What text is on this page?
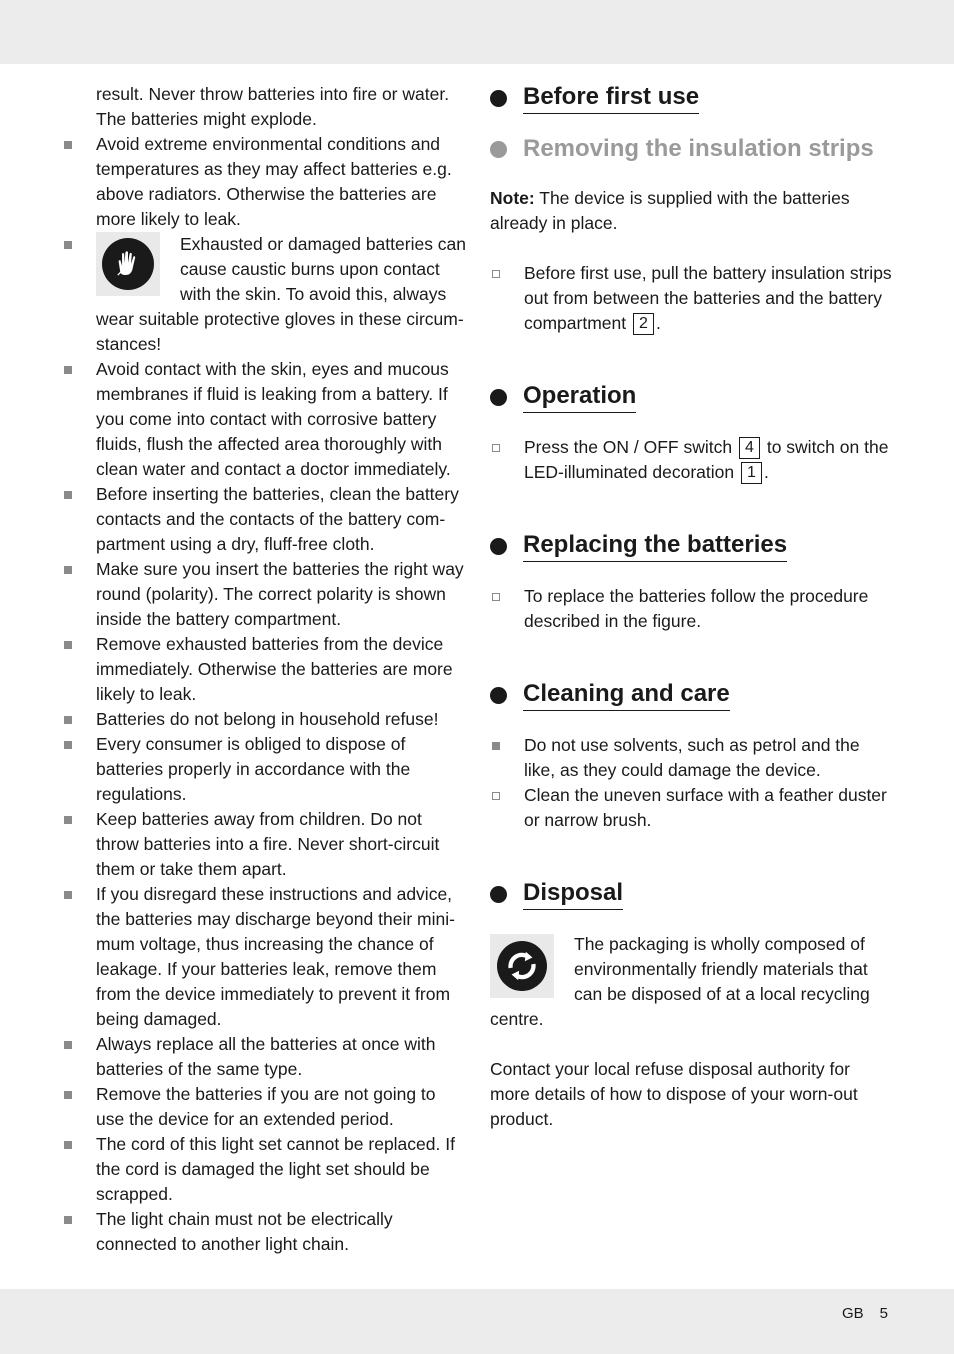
result. Never throw batteries into fire or water. The batteries might explode.

Avoid extreme environmental conditions and temperatures as they may affect batteries e.g. above radiators. Otherwise the batteries are more likely to leak.
Exhausted or damaged batteries can cause caustic burns upon contact with the skin. To avoid this, always wear suitable protective gloves in these circum-stances!
Avoid contact with the skin, eyes and mucous membranes if fluid is leaking from a battery. If you come into contact with corrosive battery fluids, flush the affected area thoroughly with clean water and contact a doctor immediately.
Before inserting the batteries, clean the battery contacts and the contacts of the battery com-partment using a dry, fluff-free cloth.
Make sure you insert the batteries the right way round (polarity). The correct polarity is shown inside the battery compartment.
Remove exhausted batteries from the device immediately. Otherwise the batteries are more likely to leak.
Batteries do not belong in household refuse!
Every consumer is obliged to dispose of batteries properly in accordance with the regulations.
Keep batteries away from children. Do not throw batteries into a fire. Never short-circuit them or take them apart.
If you disregard these instructions and advice, the batteries may discharge beyond their mini-mum voltage, thus increasing the chance of leakage. If your batteries leak, remove them from the device immediately to prevent it from being damaged.
Always replace all the batteries at once with batteries of the same type.
Remove the batteries if you are not going to use the device for an extended period.
The cord of this light set cannot be replaced. If the cord is damaged the light set should be scrapped.
The light chain must not be electrically connected to another light chain.
Before first use
Removing the insulation strips

Note: The device is supplied with the batteries already in place.

Before first use, pull the battery insulation strips out from between the batteries and the battery compartment 2 .
Operation
Press the ON / OFF switch 4 to switch on the LED-illuminated decoration 1 .
Replacing the batteries
To replace the batteries follow the procedure described in the figure.
Cleaning and care
Do not use solvents, such as petrol and the like, as they could damage the device.
Clean the uneven surface with a feather duster or narrow brush.
Disposal

The packaging is wholly composed of environmentally friendly materials that can be disposed of at a local recycling centre.

Contact your local refuse disposal authority for more details of how to dispose of your worn-out product.

GB 5
